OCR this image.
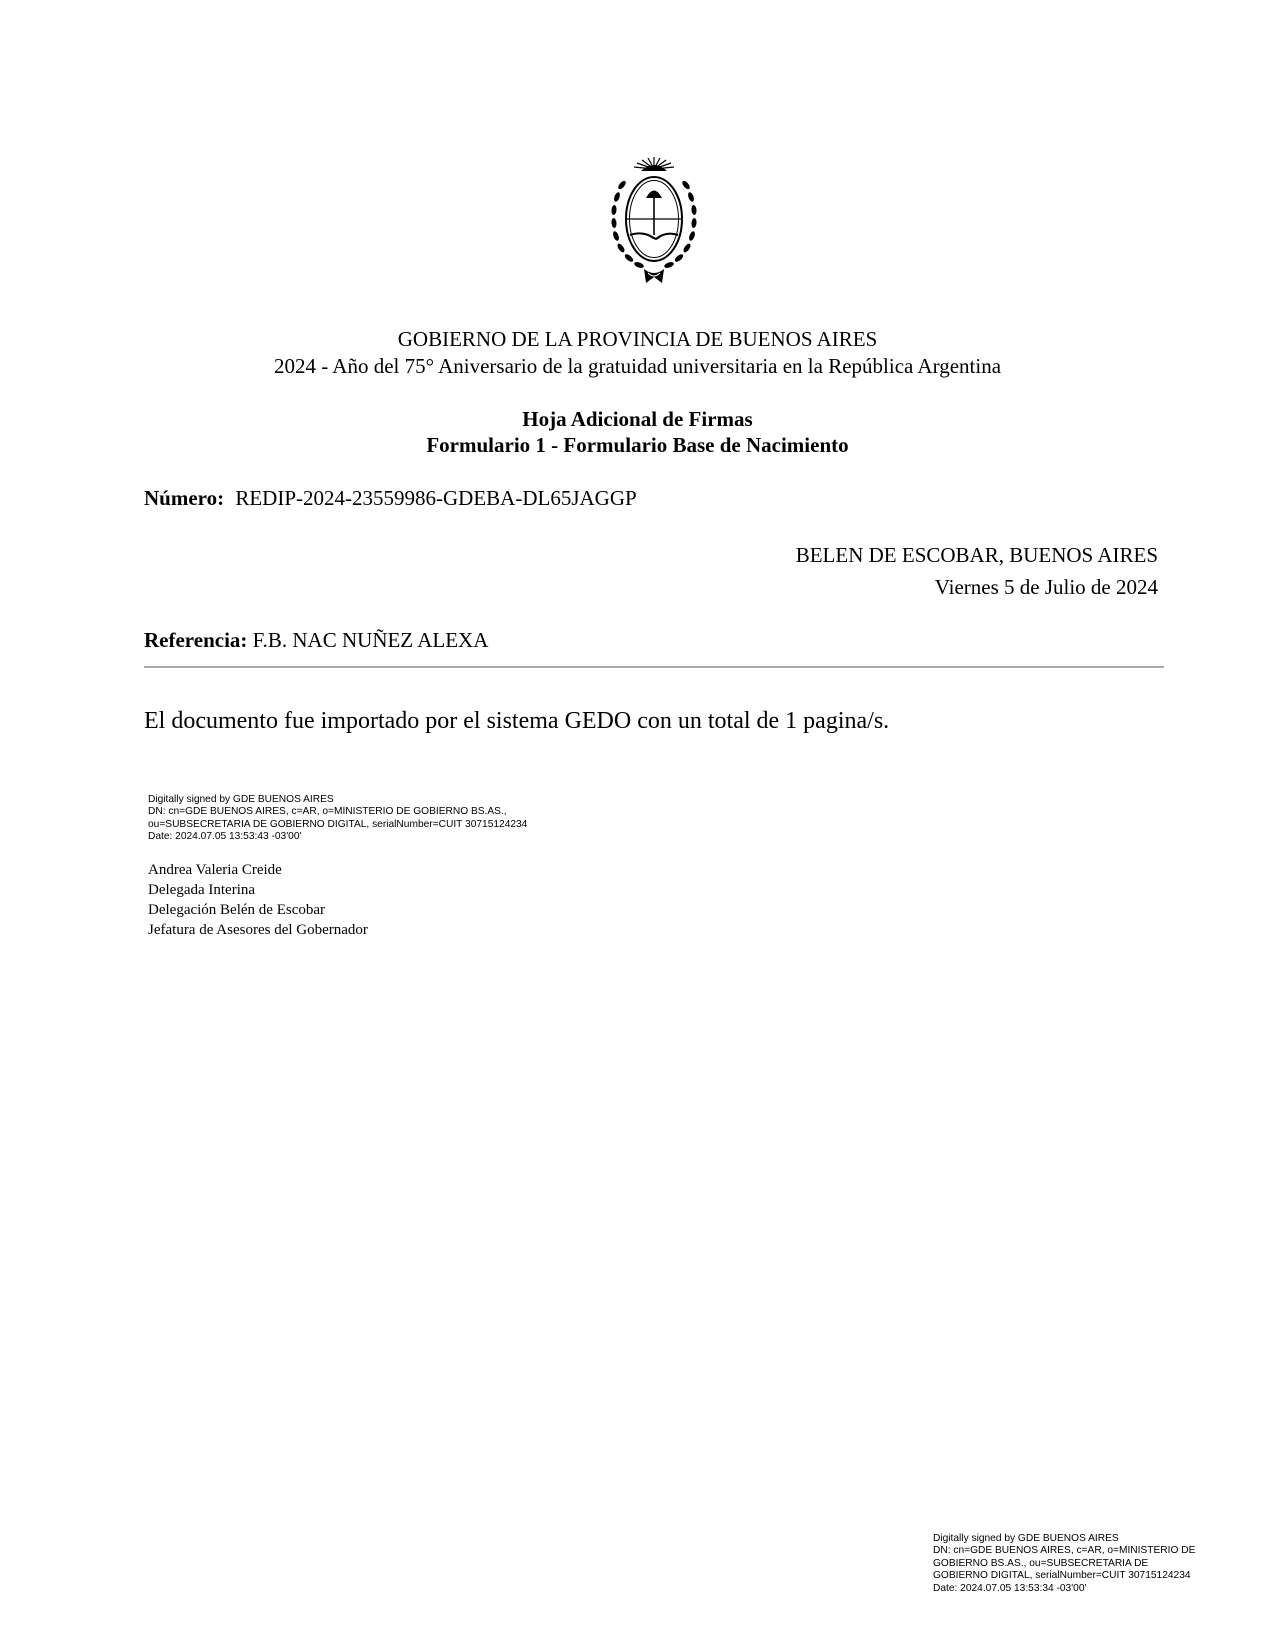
GOBIERNO DE LA PROVINCIA DE BUENOS AIRES
2024 - Año del 75° Aniversario de la gratuidad universitaria en la República Argentina
Hoja Adicional de Firmas
Formulario 1 - Formulario Base de Nacimiento
Número: REDIP-2024-23559986-GDEBA-DL65JAGGP
BELEN DE ESCOBAR, BUENOS AIRES
Viernes 5 de Julio de 2024
Referencia: F.B. NAC NUÑEZ ALEXA
El documento fue importado por el sistema GEDO con un total de 1 pagina/s.
Digitally signed by GDE BUENOS AIRES
DN: cn=GDE BUENOS AIRES, c=AR, o=MINISTERIO DE GOBIERNO BS.AS.,
ou=SUBSECRETARIA DE GOBIERNO DIGITAL, serialNumber=CUIT 30715124234
Date: 2024.07.05 13:53:43 -03'00'
Andrea Valeria Creide
Delegada Interina
Delegación Belén de Escobar
Jefatura de Asesores del Gobernador
Digitally signed by GDE BUENOS AIRES
DN: cn=GDE BUENOS AIRES, c=AR, o=MINISTERIO DE
GOBIERNO BS.AS., ou=SUBSECRETARIA DE
GOBIERNO DIGITAL, serialNumber=CUIT 30715124234
Date: 2024.07.05 13:53:34 -03'00'
